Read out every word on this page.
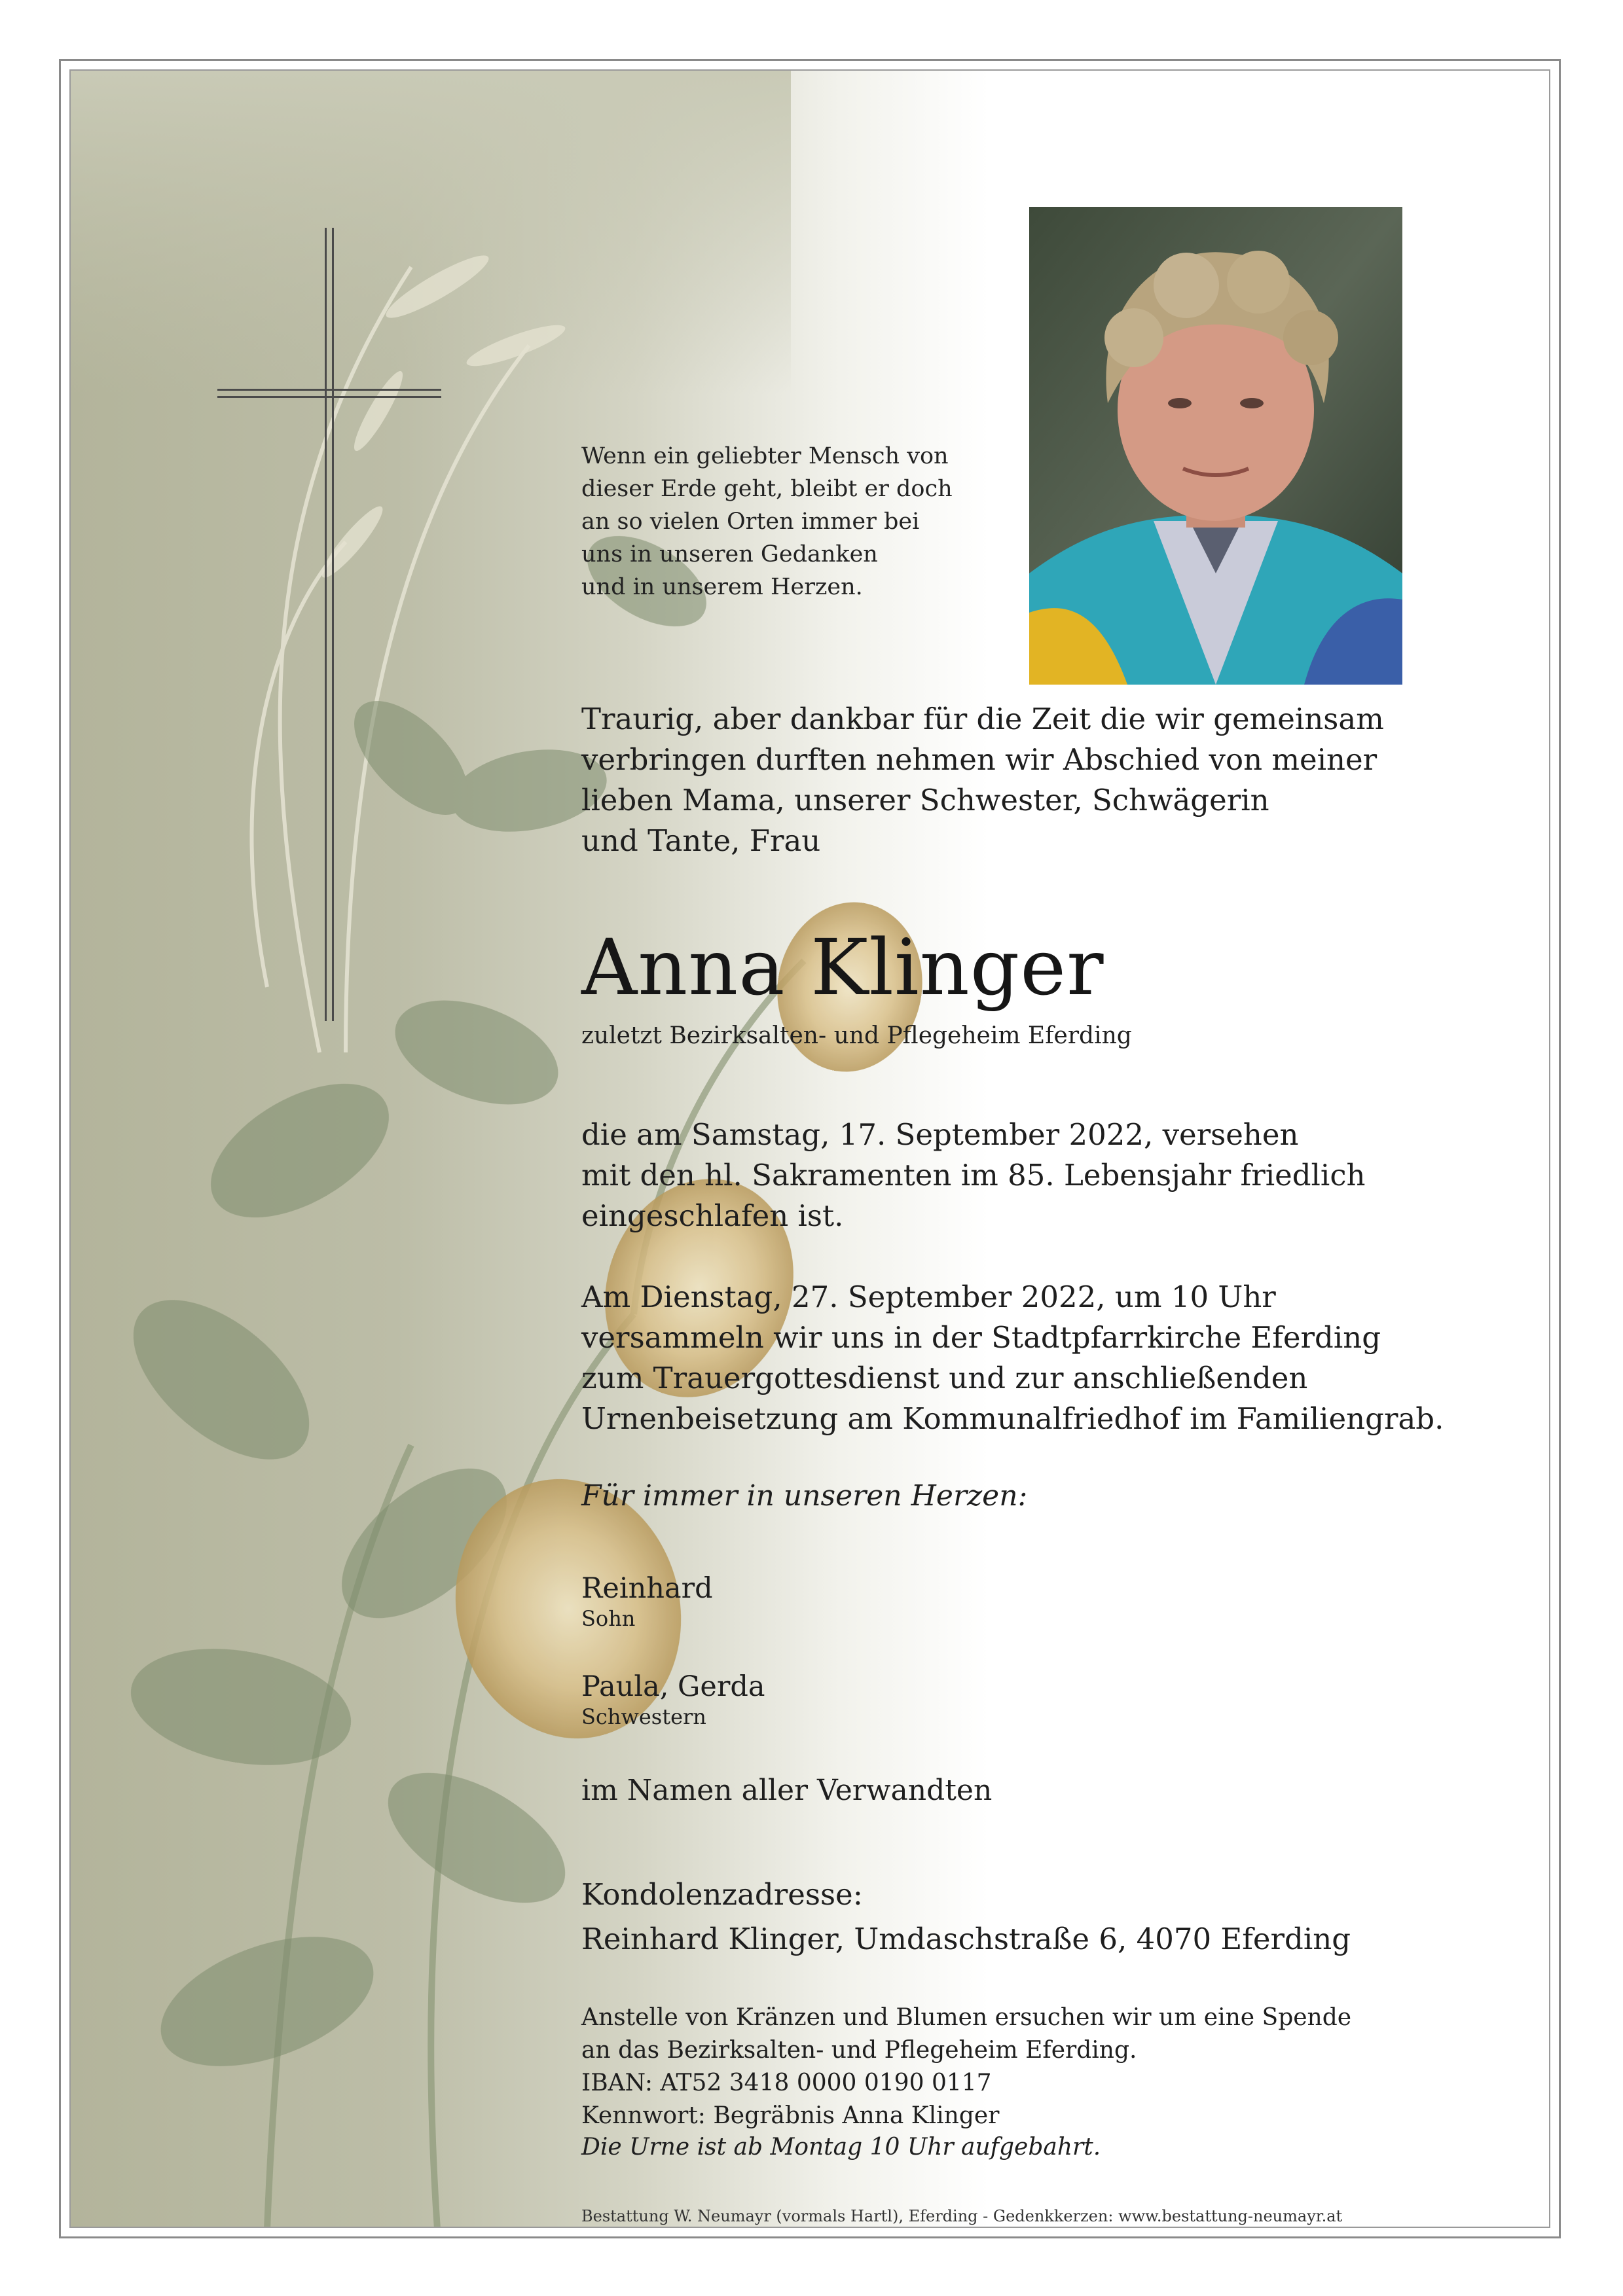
Wenn ein geliebter Mensch von
dieser Erde geht, bleibt er doch
an so vielen Orten immer bei
uns in unseren Gedanken
und in unserem Herzen.
Traurig, aber dankbar für die Zeit die wir gemeinsam
verbringen durften nehmen wir Abschied von meiner
lieben Mama, unserer Schwester, Schwägerin
und Tante, Frau
Anna Klinger
zuletzt Bezirksalten- und Pflegeheim Eferding
die am Samstag, 17. September 2022, versehen
mit den hl. Sakramenten im 85. Lebensjahr friedlich
eingeschlafen ist.
Am Dienstag, 27. September 2022, um 10 Uhr
versammeln wir uns in der Stadtpfarrkirche Eferding
zum Trauergottesdienst und zur anschließenden
Urnenbeisetzung am Kommunalfriedhof im Familiengrab.
Für immer in unseren Herzen:
Reinhard
Sohn
Paula, Gerda
Schwestern
im Namen aller Verwandten
Kondolenzadresse:
Reinhard Klinger, Umdaschstraße 6, 4070 Eferding
Anstelle von Kränzen und Blumen ersuchen wir um eine Spende
an das Bezirksalten- und Pflegeheim Eferding.
IBAN: AT52 3418 0000 0190 0117
Kennwort: Begräbnis Anna Klinger
Die Urne ist ab Montag 10 Uhr aufgebahrt.
Bestattung W. Neumayr (vormals Hartl), Eferding - Gedenkkerzen: www.bestattung-neumayr.at
